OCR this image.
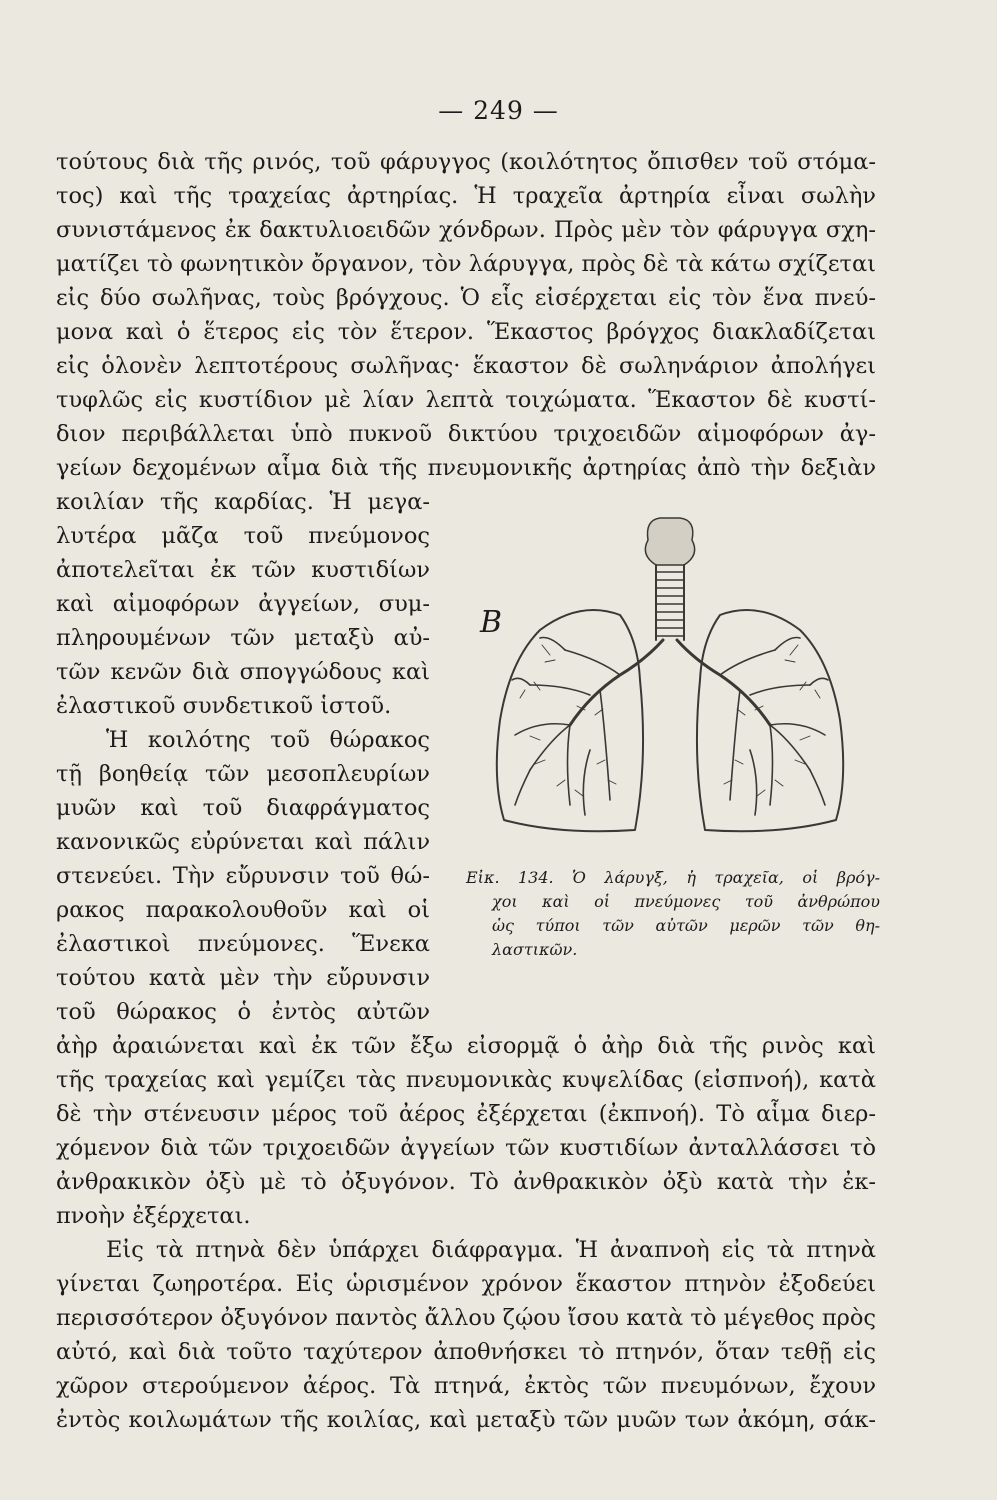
— 249 —
τούτους διὰ τῆς ρινός, τοῦ φάρυγγος (κοιλότητος ὄπισθεν τοῦ στόμα-
τος) καὶ τῆς τραχείας ἀρτηρίας. Ἡ τραχεῖα ἀρτηρία εἶναι σωλὴν
συνιστάμενος ἐκ δακτυλιοειδῶν χόνδρων. Πρὸς μὲν τὸν φάρυγγα σχη-
ματίζει τὸ φωνητικὸν ὄργανον, τὸν λάρυγγα, πρὸς δὲ τὰ κάτω σχίζεται
εἰς δύο σωλῆνας, τοὺς βρόγχους. Ὁ εἷς εἰσέρχεται εἰς τὸν ἕνα πνεύ-
μονα καὶ ὁ ἕτερος εἰς τὸν ἕτερον. Ἕκαστος βρόγχος διακλαδίζεται
εἰς ὁλονὲν λεπτοτέρους σωλῆνας· ἕκαστον δὲ σωληνάριον ἀπολήγει
τυφλῶς εἰς κυστίδιον μὲ λίαν λεπτὰ τοιχώματα. Ἕκαστον δὲ κυστί-
διον περιβάλλεται ὑπὸ πυκνοῦ δικτύου τριχοειδῶν αἱμοφόρων ἀγ-
γείων δεχομένων αἷμα διὰ τῆς πνευμονικῆς ἀρτηρίας ἀπὸ τὴν δεξιὰν
κοιλίαν τῆς καρδίας. Ἡ μεγα-
λυτέρα μᾶζα τοῦ πνεύμονος
ἀποτελεῖται ἐκ τῶν κυστιδίων
καὶ αἱμοφόρων ἀγγείων, συμ-
πληρουμένων τῶν μεταξὺ αὐ-
τῶν κενῶν διὰ σπογγώδους καὶ
ἐλαστικοῦ συνδετικοῦ ἱστοῦ.
Ἡ κοιλότης τοῦ θώρακος
τῇ βοηθείᾳ τῶν μεσοπλευρίων
μυῶν καὶ τοῦ διαφράγματος
κανονικῶς εὐρύνεται καὶ πάλιν
στενεύει. Τὴν εὔρυνσιν τοῦ θώ-
ρακος παρακολουθοῦν καὶ οἱ
ἐλαστικοὶ πνεύμονες. Ἕνεκα
τούτου κατὰ μὲν τὴν εὔρυνσιν
τοῦ θώρακος ὁ ἐντὸς αὐτῶν
B
Εἰκ. 134. Ὁ λάρυγξ, ἡ τραχεῖα, οἱ βρόγ-
χοι καὶ οἱ πνεύμονες τοῦ ἀνθρώπου
ὡς τύποι τῶν αὐτῶν μερῶν τῶν θη-
λαστικῶν.
ἀὴρ ἀραιώνεται καὶ ἐκ τῶν ἔξω εἰσορμᾷ ὁ ἀὴρ διὰ τῆς ρινὸς καὶ
τῆς τραχείας καὶ γεμίζει τὰς πνευμονικὰς κυψελίδας (εἰσπνοή), κατὰ
δὲ τὴν στένευσιν μέρος τοῦ ἀέρος ἐξέρχεται (ἐκπνοή). Τὸ αἷμα διερ-
χόμενον διὰ τῶν τριχοειδῶν ἀγγείων τῶν κυστιδίων ἀνταλλάσσει τὸ
ἀνθρακικὸν ὀξὺ μὲ τὸ ὀξυγόνον. Τὸ ἀνθρακικὸν ὀξὺ κατὰ τὴν ἐκ-
πνοὴν ἐξέρχεται.
Εἰς τὰ πτηνὰ δὲν ὑπάρχει διάφραγμα. Ἡ ἀναπνοὴ εἰς τὰ πτηνὰ
γίνεται ζωηροτέρα. Εἰς ὡρισμένον χρόνον ἕκαστον πτηνὸν ἐξοδεύει
περισσότερον ὀξυγόνον παντὸς ἄλλου ζῴου ἴσου κατὰ τὸ μέγεθος πρὸς
αὐτό, καὶ διὰ τοῦτο ταχύτερον ἀποθνήσκει τὸ πτηνόν, ὅταν τεθῇ εἰς
χῶρον στερούμενον ἀέρος. Τὰ πτηνά, ἐκτὸς τῶν πνευμόνων, ἔχουν
ἐντὸς κοιλωμάτων τῆς κοιλίας, καὶ μεταξὺ τῶν μυῶν των ἀκόμη, σάκ-
